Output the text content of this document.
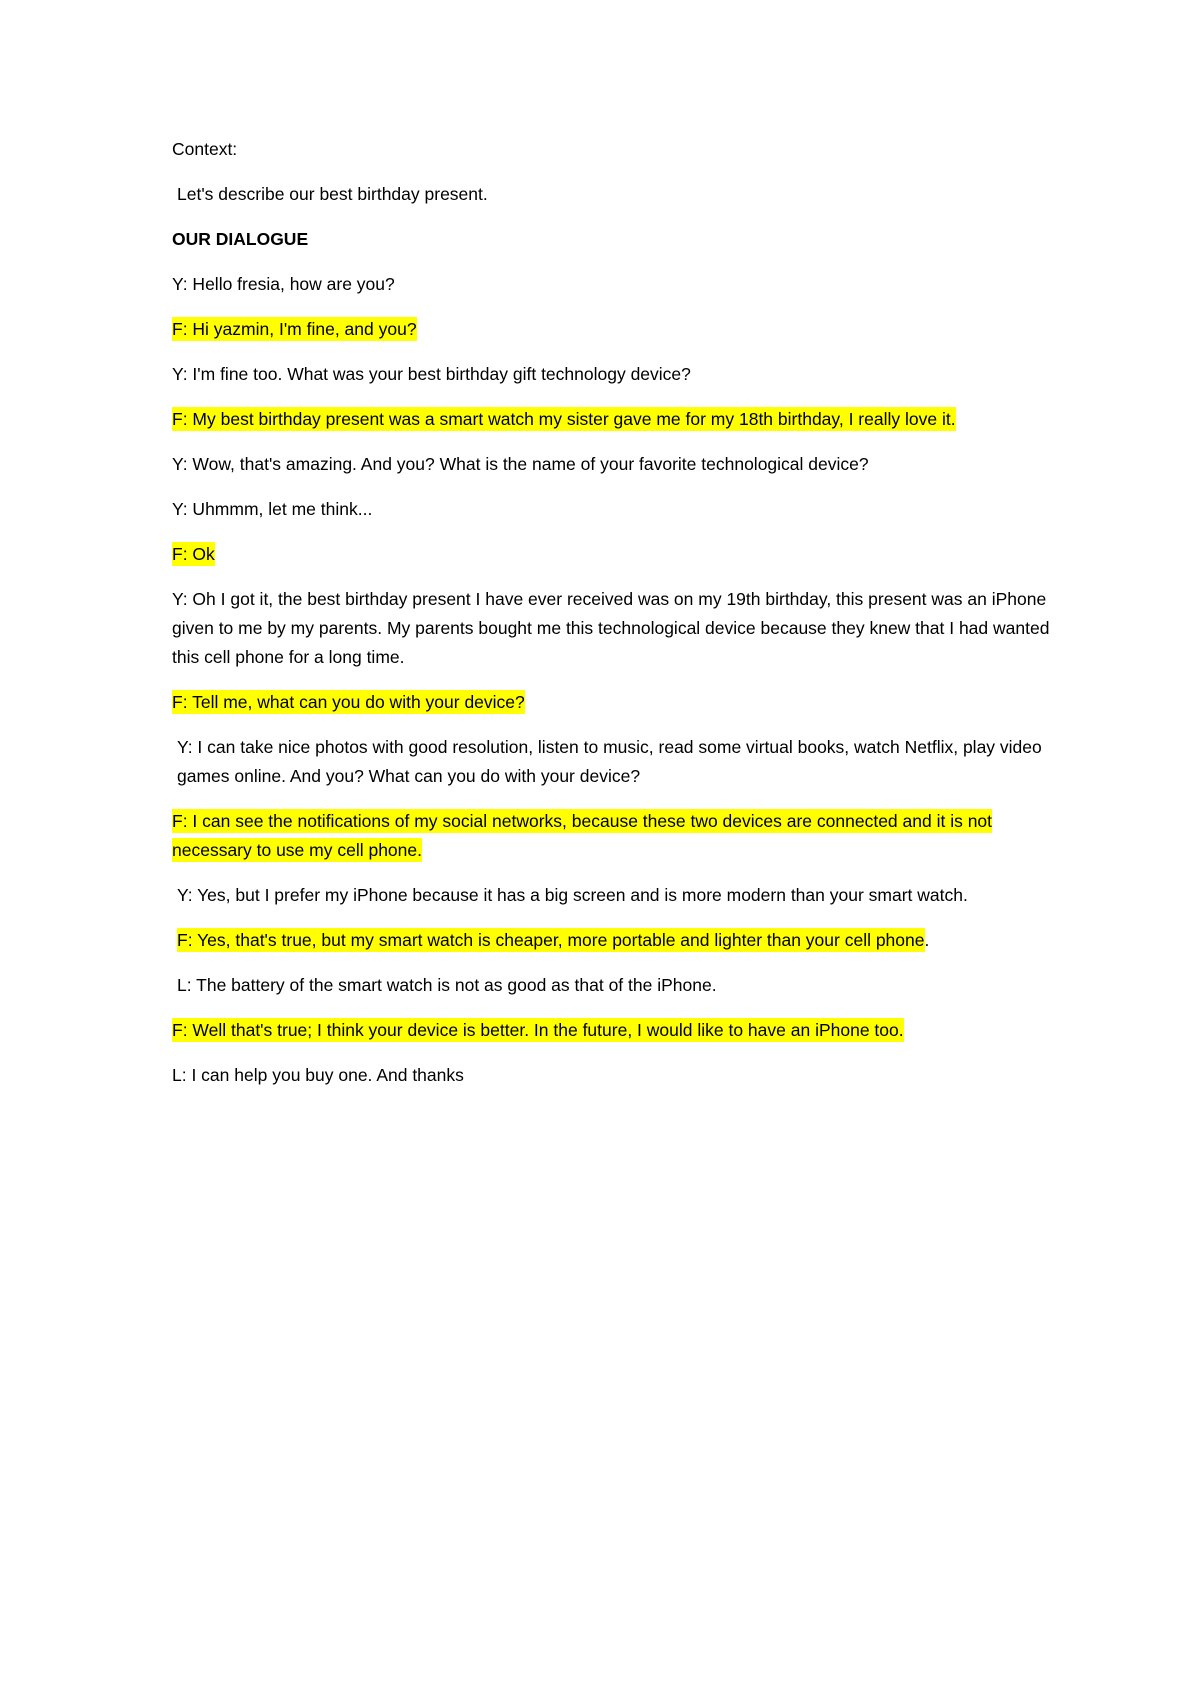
Context:

Let's describe our best birthday present.

OUR DIALOGUE

Y: Hello fresia, how are you?

F: Hi yazmin, I'm fine, and you?

Y: I'm fine too. What was your best birthday gift technology device?

F: My best birthday present was a smart watch my sister gave me for my 18th birthday, I really love it.

Y: Wow, that's amazing. And you? What is the name of your favorite technological device?

Y: Uhmmm, let me think...

F: Ok

Y: Oh I got it, the best birthday present I have ever received was on my 19th birthday, this present was an iPhone given to me by my parents. My parents bought me this technological device because they knew that I had wanted this cell phone for a long time.

F: Tell me, what can you do with your device?

Y: I can take nice photos with good resolution, listen to music, read some virtual books, watch Netflix, play video games online. And you? What can you do with your device?

F: I can see the notifications of my social networks, because these two devices are connected and it is not necessary to use my cell phone.

Y: Yes, but I prefer my iPhone because it has a big screen and is more modern than your smart watch.

F: Yes, that's true, but my smart watch is cheaper, more portable and lighter than your cell phone.

L: The battery of the smart watch is not as good as that of the iPhone.

F: Well that's true; I think your device is better. In the future, I would like to have an iPhone too.

L: I can help you buy one. And thanks
